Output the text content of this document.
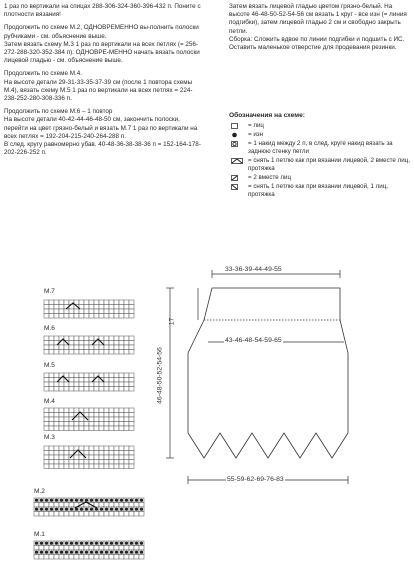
1 раз по вертикали на спицах 288-306-324-360-396-432 п. Поните с плотности вязания!

Продолжить по схеме М.2, ОДНОВРЕМЕННО вы-полнить полоски рубчиками - см. объяснение выше.

Затем вязать схему М.3 1 раз по вертикали на всех петлях (= 256-272-288-320-352-384 п). ОДНОВРЕ-МЕННО начать вязать полоски лицевой гладью - см. объяснение выше.

Продолжить по схеме М.4.

На высоте детали 29-31-33-35-37-39 см (после 1 повтора схемы М.4), вязать схему М.5 1 раз по вертикали на всех петлях = 224-238-252-280-308-336 п.

Продолжить по схеме М.6 – 1 повтор

На высоте детали 40-42-44-46-48-50 см, закончить полоски, перейти на цвет грязно-белый и вязать М.7 1 раз по вертикали на всех петлях = 192-204-215-240-264-288 п.

В след. кругу равномерно убав. 40-48-36-38-38-36 п = 152-164-178-202-226-252 п.

Затем вязать лицевой гладью цветом грязно-белый. На высоте 46-48-50-52-54-56 см вязать 1 круг - все изн (= линия подгибки), затем лицевой гладью 2 см и свободно закрыть петли.

Сборка: Сложить вдвое по линии подгибки и подшить с ИС. Оставить маленькое отверстие для продевания резинки.

Обозначения на схеме:
= лиц
= изн
= 1 накид между 2 п, в след. круге накид вязать за заднюю стенку петли
= снять 1 петлю как при вязании лицевой, 2 вместе лиц, протяжка
= 2 вместе лиц
= снять 1 петлю как при вязании лицевой, 1 лиц, протяжка
M.7
M.6
M.5
M.4
M.3
M.2
M.1
33-36-39-44-49-55
43-46-48-54-59-65
55-59-62-69-76-83
46-48-50-52-54-56
17
